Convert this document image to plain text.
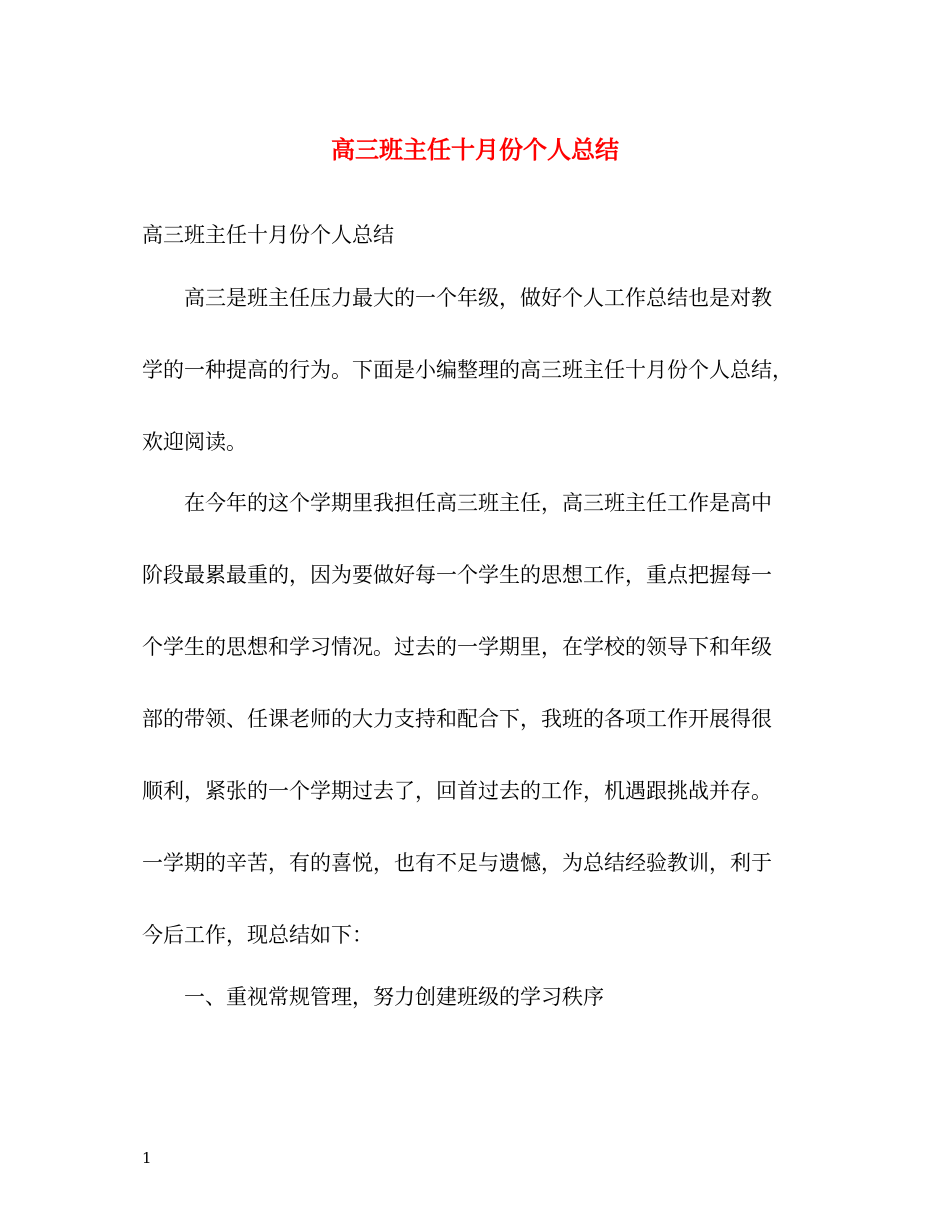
高三班主任十月份个人总结

高三班主任十月份个人总结

高三是班主任压力最大的一个年级，做好个人工作总结也是对教

学的一种提高的行为。下面是小编整理的高三班主任十月份个人总结，

欢迎阅读。

在今年的这个学期里我担任高三班主任，高三班主任工作是高中

阶段最累最重的，因为要做好每一个学生的思想工作，重点把握每一

个学生的思想和学习情况。过去的一学期里，在学校的领导下和年级

部的带领、任课老师的大力支持和配合下，我班的各项工作开展得很

顺利，紧张的一个学期过去了，回首过去的工作，机遇跟挑战并存。

一学期的辛苦，有的喜悦，也有不足与遗憾，为总结经验教训，利于

今后工作，现总结如下：

一、重视常规管理，努力创建班级的学习秩序

1
